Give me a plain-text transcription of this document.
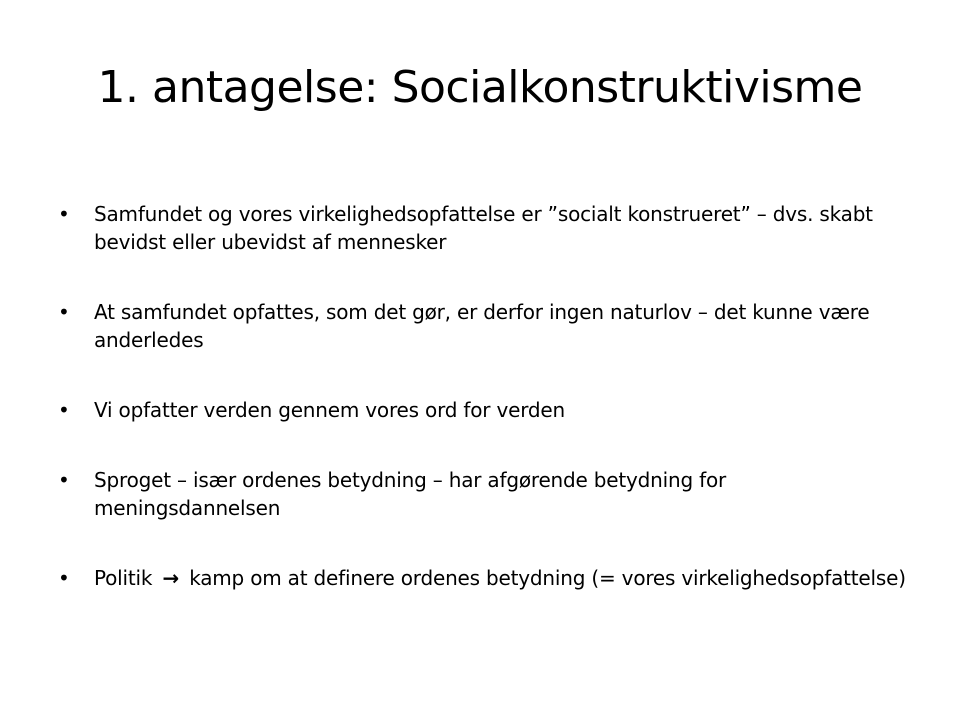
1. antagelse: Socialkonstruktivisme
•	Samfundet og vores virkelighedsopfattelse er ”socialt konstrueret” – dvs. skabt bevidst eller ubevidst af mennesker
•	At samfundet opfattes, som det gør, er derfor ingen naturlov – det kunne være anderledes
•	Vi opfatter verden gennem vores ord for verden
•	Sproget – især ordenes betydning – har afgørende betydning for meningsdannelsen
•	Politik → kamp om at definere ordenes betydning (= vores virkelighedsopfattelse)
